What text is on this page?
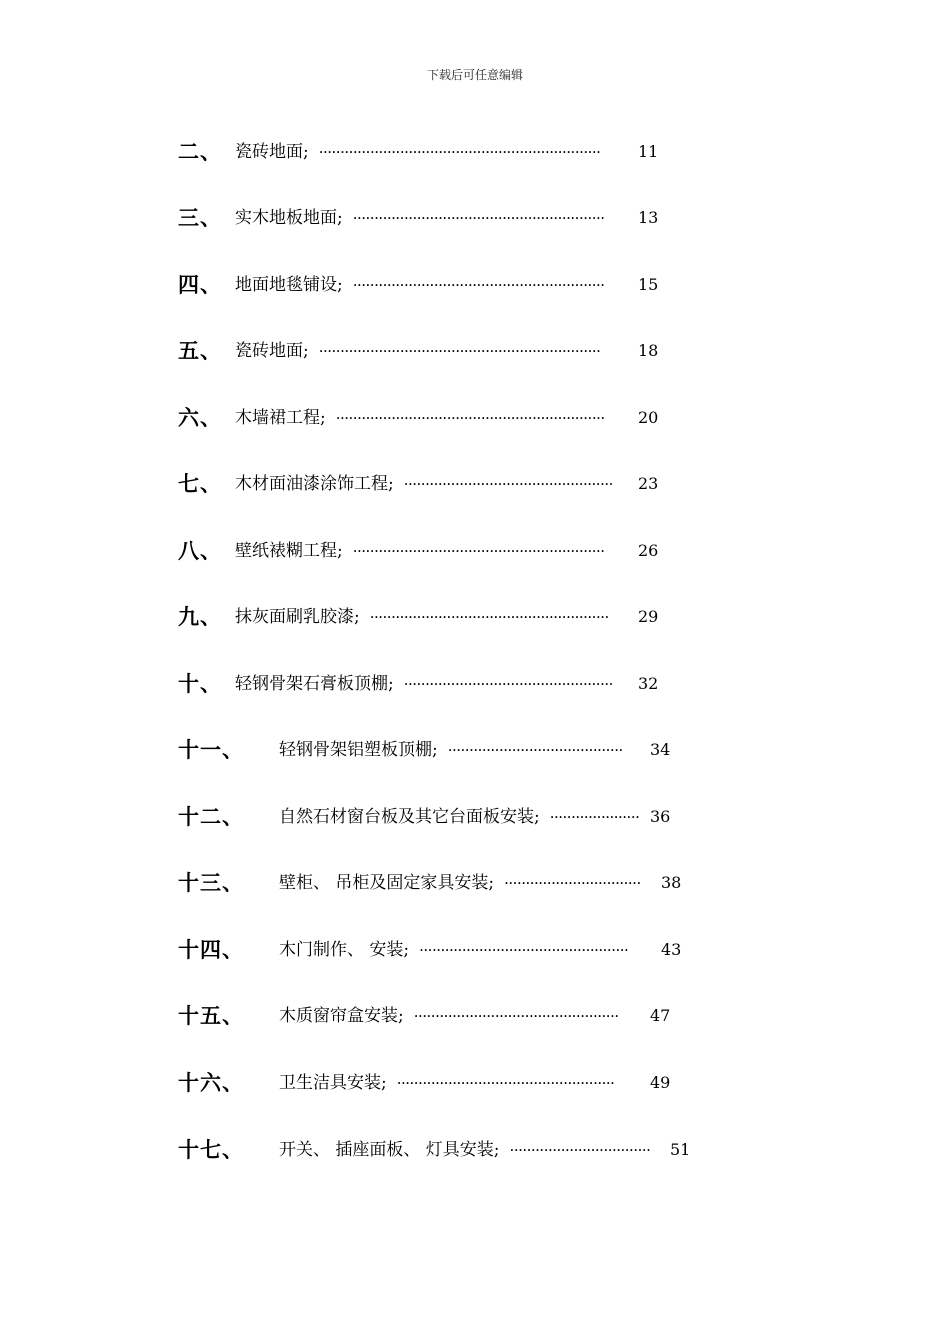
下载后可任意编辑
二、 瓷砖地面; ··································································	11
三、 实木地板地面; ···························································	13
四、 地面地毯铺设; ···························································	15
五、 瓷砖地面; ··································································	18
六、 木墙裙工程; ·······························································	20
七、 木材面油漆涂饰工程; ·················································	23
八、 壁纸裱糊工程; ···························································	26
九、 抹灰面刷乳胶漆; ························································	29
十、 轻钢骨架石膏板顶棚; ·················································	32
十一、 轻钢骨架铝塑板顶棚; ·········································	34
十二、 自然石材窗台板及其它台面板安装; ····················· 36
十三、 壁柜、 吊柜及固定家具安装; ································	38
十四、 木门制作、 安装; ·················································	43
十五、 木质窗帘盒安装; ················································	47
十六、 卫生洁具安装; ···················································	49
十七、 开关、 插座面板、 灯具安装; ·································	51
